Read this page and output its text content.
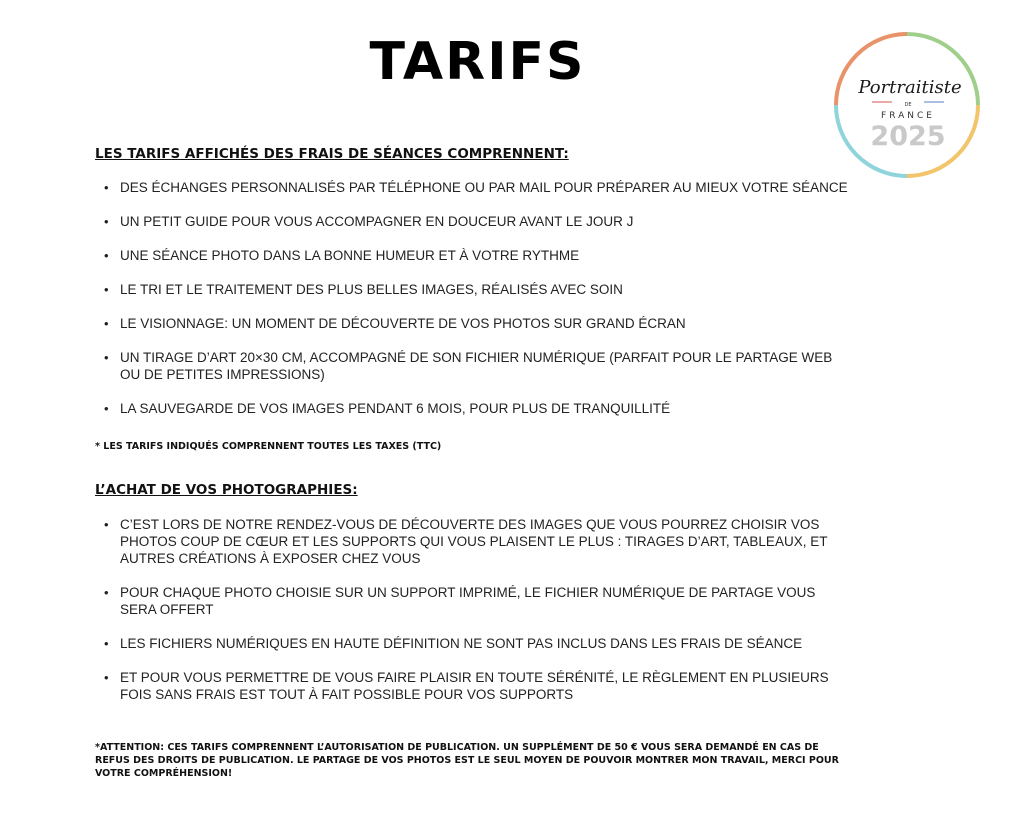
TARIFS	Portraitiste
DE
FRANCE
2025
LES TARIFS AFFICHÉS DES FRAIS DE SÉANCES COMPRENNENT:
• DES ÉCHANGES PERSONNALISÉS PAR TÉLÉPHONE OU PAR MAIL POUR PRÉPARER AU MIEUX VOTRE SÉANCE
• UN PETIT GUIDE POUR VOUS ACCOMPAGNER EN DOUCEUR AVANT LE JOUR J
• UNE SÉANCE PHOTO DANS LA BONNE HUMEUR ET À VOTRE RYTHME
• LE TRI ET LE TRAITEMENT DES PLUS BELLES IMAGES, RÉALISÉS AVEC SOIN
• LE VISIONNAGE: UN MOMENT DE DÉCOUVERTE DE VOS PHOTOS SUR GRAND ÉCRAN
• UN TIRAGE D’ART 20×30 CM, ACCOMPAGNÉ DE SON FICHIER NUMÉRIQUE (PARFAIT POUR LE PARTAGE WEB OU DE PETITES IMPRESSIONS)
• LA SAUVEGARDE DE VOS IMAGES PENDANT 6 MOIS, POUR PLUS DE TRANQUILLITÉ
* LES TARIFS INDIQUÉS COMPRENNENT TOUTES LES TAXES (TTC)
L’ACHAT DE VOS PHOTOGRAPHIES:
• C’EST LORS DE NOTRE RENDEZ-VOUS DE DÉCOUVERTE DES IMAGES QUE VOUS POURREZ CHOISIR VOS PHOTOS COUP DE CŒUR ET LES SUPPORTS QUI VOUS PLAISENT LE PLUS : TIRAGES D’ART, TABLEAUX, ET AUTRES CRÉATIONS À EXPOSER CHEZ VOUS
• POUR CHAQUE PHOTO CHOISIE SUR UN SUPPORT IMPRIMÉ, LE FICHIER NUMÉRIQUE DE PARTAGE VOUS SERA OFFERT
• LES FICHIERS NUMÉRIQUES EN HAUTE DÉFINITION NE SONT PAS INCLUS DANS LES FRAIS DE SÉANCE
• ET POUR VOUS PERMETTRE DE VOUS FAIRE PLAISIR EN TOUTE SÉRÉNITÉ, LE RÈGLEMENT EN PLUSIEURS FOIS SANS FRAIS EST TOUT À FAIT POSSIBLE POUR VOS SUPPORTS
*ATTENTION: CES TARIFS COMPRENNENT L’AUTORISATION DE PUBLICATION. UN SUPPLÉMENT DE 50 € VOUS SERA DEMANDÉ EN CAS DE REFUS DES DROITS DE PUBLICATION. LE PARTAGE DE VOS PHOTOS EST LE SEUL MOYEN DE POUVOIR MONTRER MON TRAVAIL, MERCI POUR VOTRE COMPRÉHENSION!
